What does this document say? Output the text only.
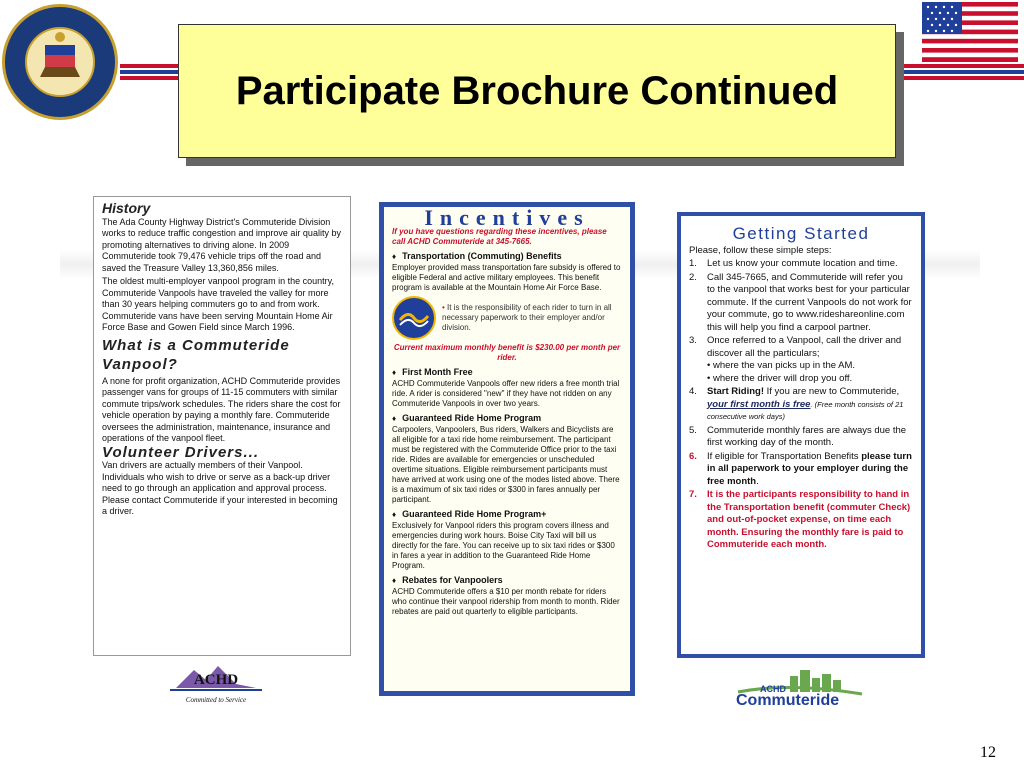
Participate Brochure Continued
History

The Ada County Highway District's Commuteride Division works to reduce traffic congestion and improve air quality by promoting alternatives to driving alone. In 2009 Commuteride took 79,476 vehicle trips off the road and saved the Treasure Valley 13,360,856 miles.

The oldest multi-employer vanpool program in the country, Commuteride Vanpools have traveled the valley for more than 30 years helping commuters go to and from work. Commuteride vans have been serving Mountain Home Air Force Base and Gowen Field since March 1996.

What is a Commuteride Vanpool?

A none for profit organization, ACHD Commuteride provides passenger vans for groups of 11-15 commuters with similar commute trips/work schedules. The riders share the cost for vehicle operation by paying a monthly fare. Commuteride oversees the administration, maintenance, insurance and operations of the vanpool fleet.

Volunteer Drivers...

Van drivers are actually members of their Vanpool. Individuals who wish to drive or serve as a back-up driver need to go through an application and approval process. Please contact Commuteride if your interested in becoming a driver.

Incentives
If you have questions regarding these incentives, please call ACHD Commuteride at 345-7665.
♦ Transportation (Commuting) Benefits
Employer provided mass transportation fare subsidy is offered to eligible Federal and active military employees. This benefit program is available at the Mountain Home Air Force Base.
• It is the responsibility of each rider to turn in all necessary paperwork to their employer and/or division.
Current maximum monthly benefit is $230.00 per month per rider.
♦ First Month Free
ACHD Commuteride Vanpools offer new riders a free month trial ride. A rider is considered "new" if they have not ridden on any Commuteride Vanpools in over two years.
♦ Guaranteed Ride Home Program
Carpoolers, Vanpoolers, Bus riders, Walkers and Bicyclists are all eligible for a taxi ride home reimbursement. The participant must be registered with the Commuteride Office prior to the taxi ride. Rides are available for emergencies or unscheduled overtime situations. Eligible reimbursement participants must have arrived at work using one of the modes listed above. There is a maximum of six taxi rides or $300 in fares annually per participant.
♦ Guaranteed Ride Home Program+
Exclusively for Vanpool riders this program covers illness and emergencies during work hours. Boise City Taxi will bill us directly for the fare. You can receive up to six taxi rides or $300 in fares a year in addition to the Guaranteed Ride Home Program.
♦ Rebates for Vanpoolers
ACHD Commuteride offers a $10 per month rebate for riders who continue their vanpool ridership from month to month. Rider rebates are paid out quarterly to eligible participants.
Getting Started
Please, follow these simple steps:
1.	Let us know your commute location and time.
2.	Call 345-7665, and Commuteride will refer you to the vanpool that works best for your particular commute. If the current Vanpools do not work for your commute, go to www.rideshareonline.com this will help you find a carpool partner.
3.	Once referred to a Vanpool, call the driver and discover all the particulars;
• where the van picks up in the AM.
• where the driver will drop you off.
4.	Start Riding! If you are new to Commuteride, your first month is free. (Free month consists of 21 consecutive work days)
5.	Commuteride monthly fares are always due the first working day of the month.
6.	If eligible for Transportation Benefits please turn in all paperwork to your employer during the free month.
7.	It is the participants responsibility to hand in the Transportation benefit (commuter Check) and out-of-pocket expense, on time each month. Ensuring the monthly fare is paid to Commuteride each month.
ACHD
Committed to Service
ACHD
Commuteride
12
